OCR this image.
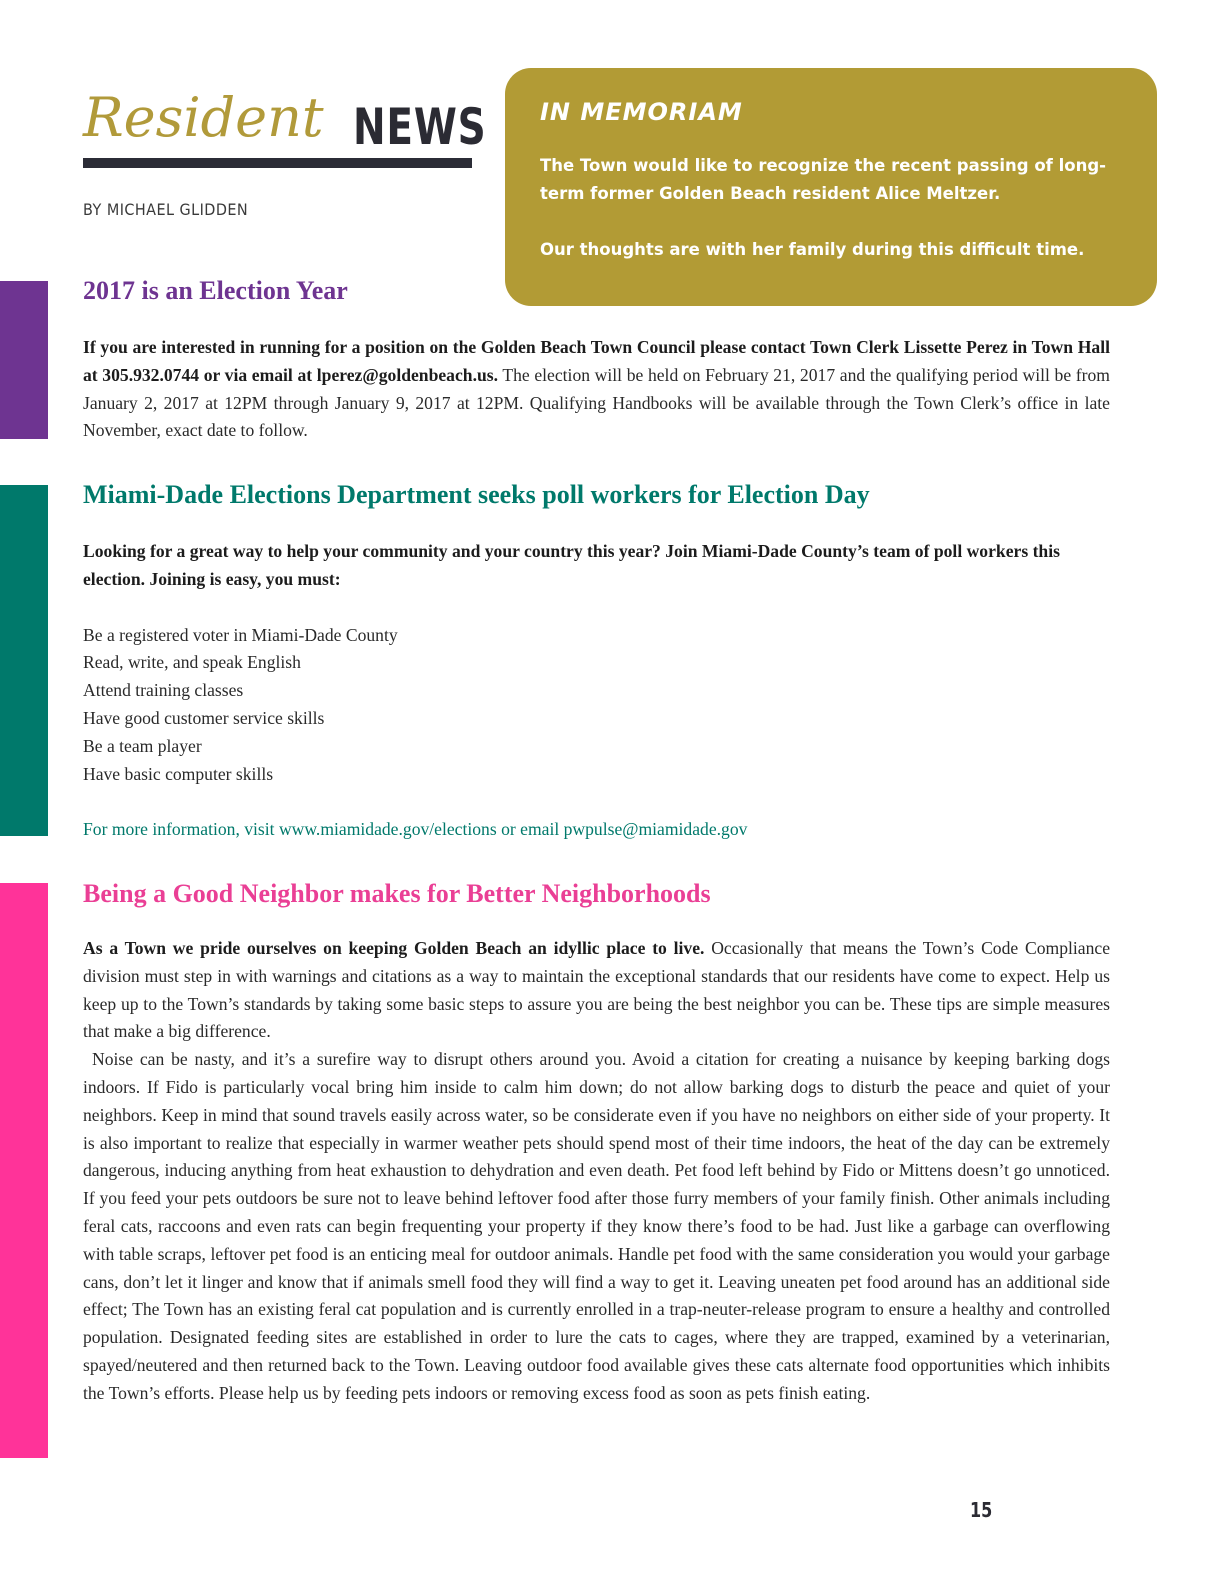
Resident NEWS
BY MICHAEL GLIDDEN
IN MEMORIAM

The Town would like to recognize the recent passing of long-term former Golden Beach resident Alice Meltzer.

Our thoughts are with her family during this difficult time.

2017 is an Election Year
If you are interested in running for a position on the Golden Beach Town Council please contact Town Clerk Lissette Perez in Town Hall at 305.932.0744 or via email at lperez@goldenbeach.us. The election will be held on February 21, 2017 and the qualifying period will be from January 2, 2017 at 12PM through January 9, 2017 at 12PM. Qualifying Handbooks will be available through the Town Clerk’s office in late November, exact date to follow.
Miami-Dade Elections Department seeks poll workers for Election Day
Looking for a great way to help your community and your country this year? Join Miami-Dade County’s team of poll workers this election. Joining is easy, you must:
Be a registered voter in Miami-Dade County
Read, write, and speak English
Attend training classes
Have good customer service skills
Be a team player
Have basic computer skills
For more information, visit www.miamidade.gov/elections or email pwpulse@miamidade.gov
Being a Good Neighbor makes for Better Neighborhoods
As a Town we pride ourselves on keeping Golden Beach an idyllic place to live. Occasionally that means the Town’s Code Compliance division must step in with warnings and citations as a way to maintain the exceptional standards that our residents have come to expect. Help us keep up to the Town’s standards by taking some basic steps to assure you are being the best neighbor you can be. These tips are simple measures that make a big difference.
Noise can be nasty, and it’s a surefire way to disrupt others around you. Avoid a citation for creating a nuisance by keeping barking dogs indoors. If Fido is particularly vocal bring him inside to calm him down; do not allow barking dogs to disturb the peace and quiet of your neighbors. Keep in mind that sound travels easily across water, so be considerate even if you have no neighbors on either side of your property. It is also important to realize that especially in warmer weather pets should spend most of their time indoors, the heat of the day can be extremely dangerous, inducing anything from heat exhaustion to dehydration and even death. Pet food left behind by Fido or Mittens doesn’t go unnoticed. If you feed your pets outdoors be sure not to leave behind leftover food after those furry members of your family finish. Other animals including feral cats, raccoons and even rats can begin frequenting your property if they know there’s food to be had. Just like a garbage can overflowing with table scraps, leftover pet food is an enticing meal for outdoor animals. Handle pet food with the same consideration you would your garbage cans, don’t let it linger and know that if animals smell food they will find a way to get it. Leaving uneaten pet food around has an additional side effect; The Town has an existing feral cat population and is currently enrolled in a trap-neuter-release program to ensure a healthy and controlled population. Designated feeding sites are established in order to lure the cats to cages, where they are trapped, examined by a veterinarian, spayed/neutered and then returned back to the Town. Leaving outdoor food available gives these cats alternate food opportunities which inhibits the Town’s efforts. Please help us by feeding pets indoors or removing excess food as soon as pets finish eating.
15
